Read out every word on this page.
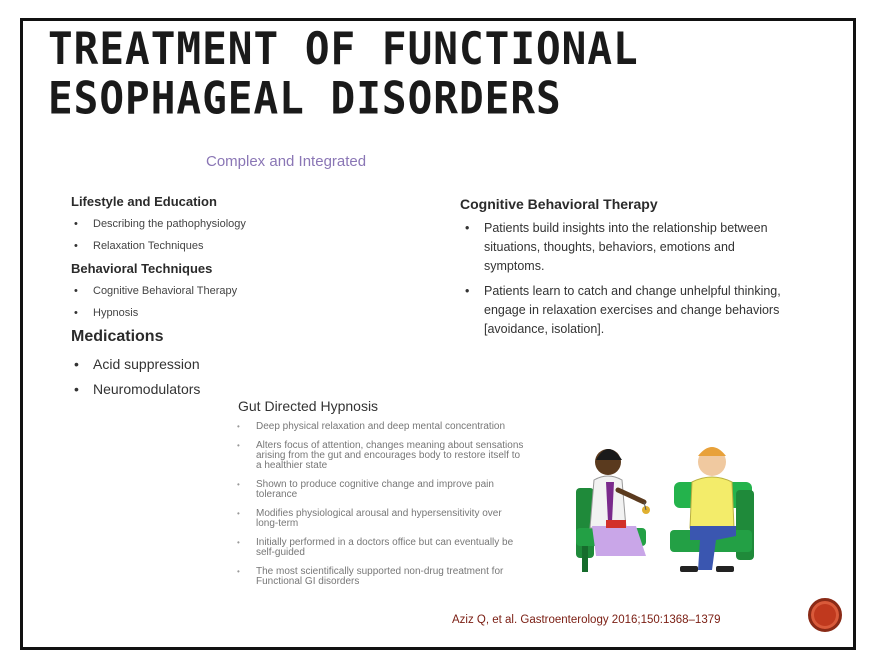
TREATMENT OF FUNCTIONAL ESOPHAGEAL DISORDERS
Complex and Integrated
Lifestyle and Education
• Describing the pathophysiology
• Relaxation Techniques
Behavioral Techniques
• Cognitive Behavioral Therapy
• Hypnosis
Medications
• Acid suppression
• Neuromodulators
Cognitive Behavioral Therapy
• Patients build insights into the relationship between situations, thoughts, behaviors, emotions and symptoms.
• Patients learn to catch and change unhelpful thinking, engage in relaxation exercises and change behaviors [avoidance, isolation].
Gut Directed Hypnosis
• Deep physical relaxation and deep mental concentration
• Alters focus of attention, changes meaning about sensations arising from the gut and encourages body to restore itself to a healthier state
• Shown to produce cognitive change and improve pain tolerance
• Modifies physiological arousal and hypersensitivity over long-term
• Initially performed in a doctors office but can eventually be self-guided
• The most scientifically supported non-drug treatment for Functional GI disorders
Aziz Q, et al. Gastroenterology 2016;150:1368–1379
